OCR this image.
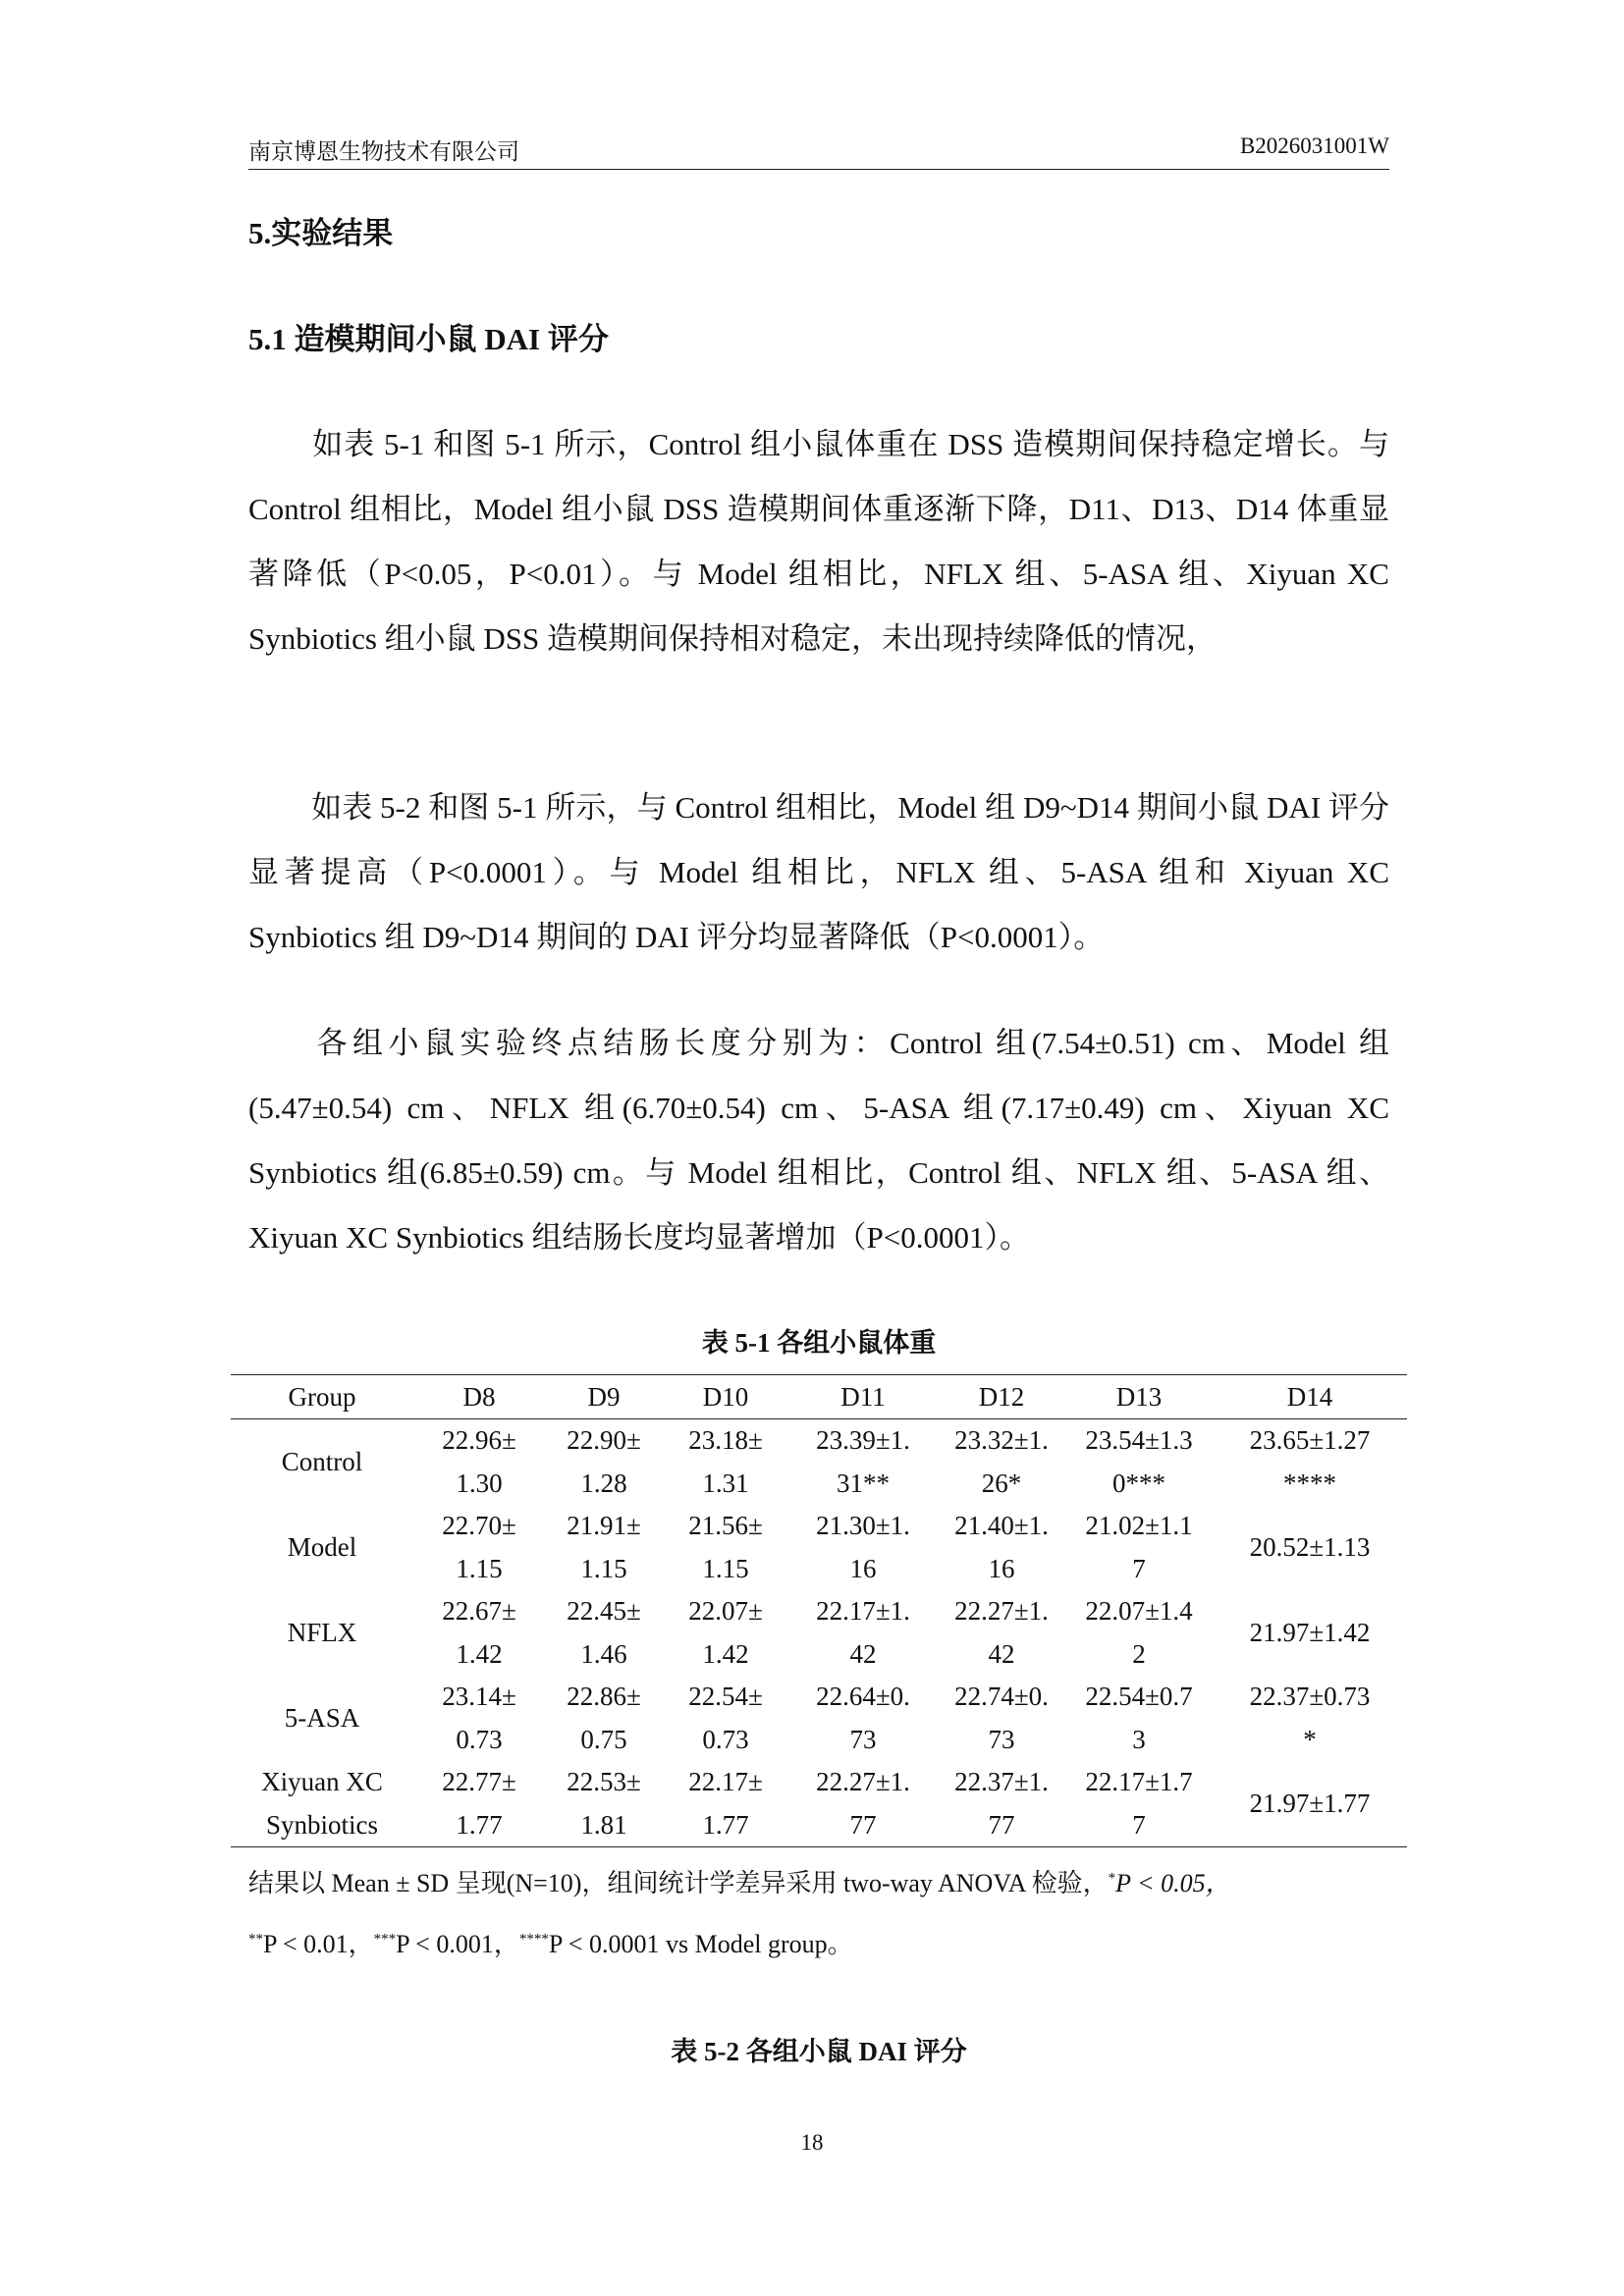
南京博恩生物技术有限公司	B2026031001W
5.实验结果
5.1 造模期间小鼠 DAI 评分
如表 5-1 和图 5-1 所示，Control 组小鼠体重在 DSS 造模期间保持稳定增长。与 Control 组相比，Model 组小鼠 DSS 造模期间体重逐渐下降，D11、D13、D14 体重显著降低（P<0.05，P<0.01）。与 Model 组相比，NFLX 组、5-ASA 组、Xiyuan XC Synbiotics 组小鼠 DSS 造模期间保持相对稳定，未出现持续降低的情况，
如表 5-2 和图 5-1 所示，与 Control 组相比，Model 组 D9~D14 期间小鼠 DAI 评分显著提高（P<0.0001）。与 Model 组相比，NFLX 组、5-ASA 组和 Xiyuan XC Synbiotics 组 D9~D14 期间的 DAI 评分均显著降低（P<0.0001）。
各组小鼠实验终点结肠长度分别为：Control 组(7.54±0.51) cm、Model 组(5.47±0.54) cm、NFLX 组(6.70±0.54) cm、5-ASA 组(7.17±0.49) cm、Xiyuan XC Synbiotics 组(6.85±0.59) cm。与 Model 组相比，Control 组、NFLX 组、5-ASA 组、Xiyuan XC Synbiotics 组结肠长度均显著增加（P<0.0001）。
表 5-1 各组小鼠体重
Group	D8	D9	D10	D11	D12	D13	D14
Control	22.96±	22.90±	23.18±	23.39±1.	23.32±1.	23.54±1.3	23.65±1.27
	1.30	1.28	1.31	31**	26*	0***	****
Model	22.70±	21.91±	21.56±	21.30±1.	21.40±1.	21.02±1.1	20.52±1.13
	1.15	1.15	1.15	16	16	7	
NFLX	22.67±	22.45±	22.07±	22.17±1.	22.27±1.	22.07±1.4	21.97±1.42
	1.42	1.46	1.42	42	42	2	
5-ASA	23.14±	22.86±	22.54±	22.64±0.	22.74±0.	22.54±0.7	22.37±0.73
	0.73	0.75	0.73	73	73	3	*
Xiyuan XC	22.77±	22.53±	22.17±	22.27±1.	22.37±1.	22.17±1.7	21.97±1.77
Synbiotics	1.77	1.81	1.77	77	77	7	
结果以 Mean ± SD 呈现(N=10)，组间统计学差异采用 two-way ANOVA 检验，*P < 0.05，
**P < 0.01，***P < 0.001，****P < 0.0001 vs Model group。
表 5-2 各组小鼠 DAI 评分
18
